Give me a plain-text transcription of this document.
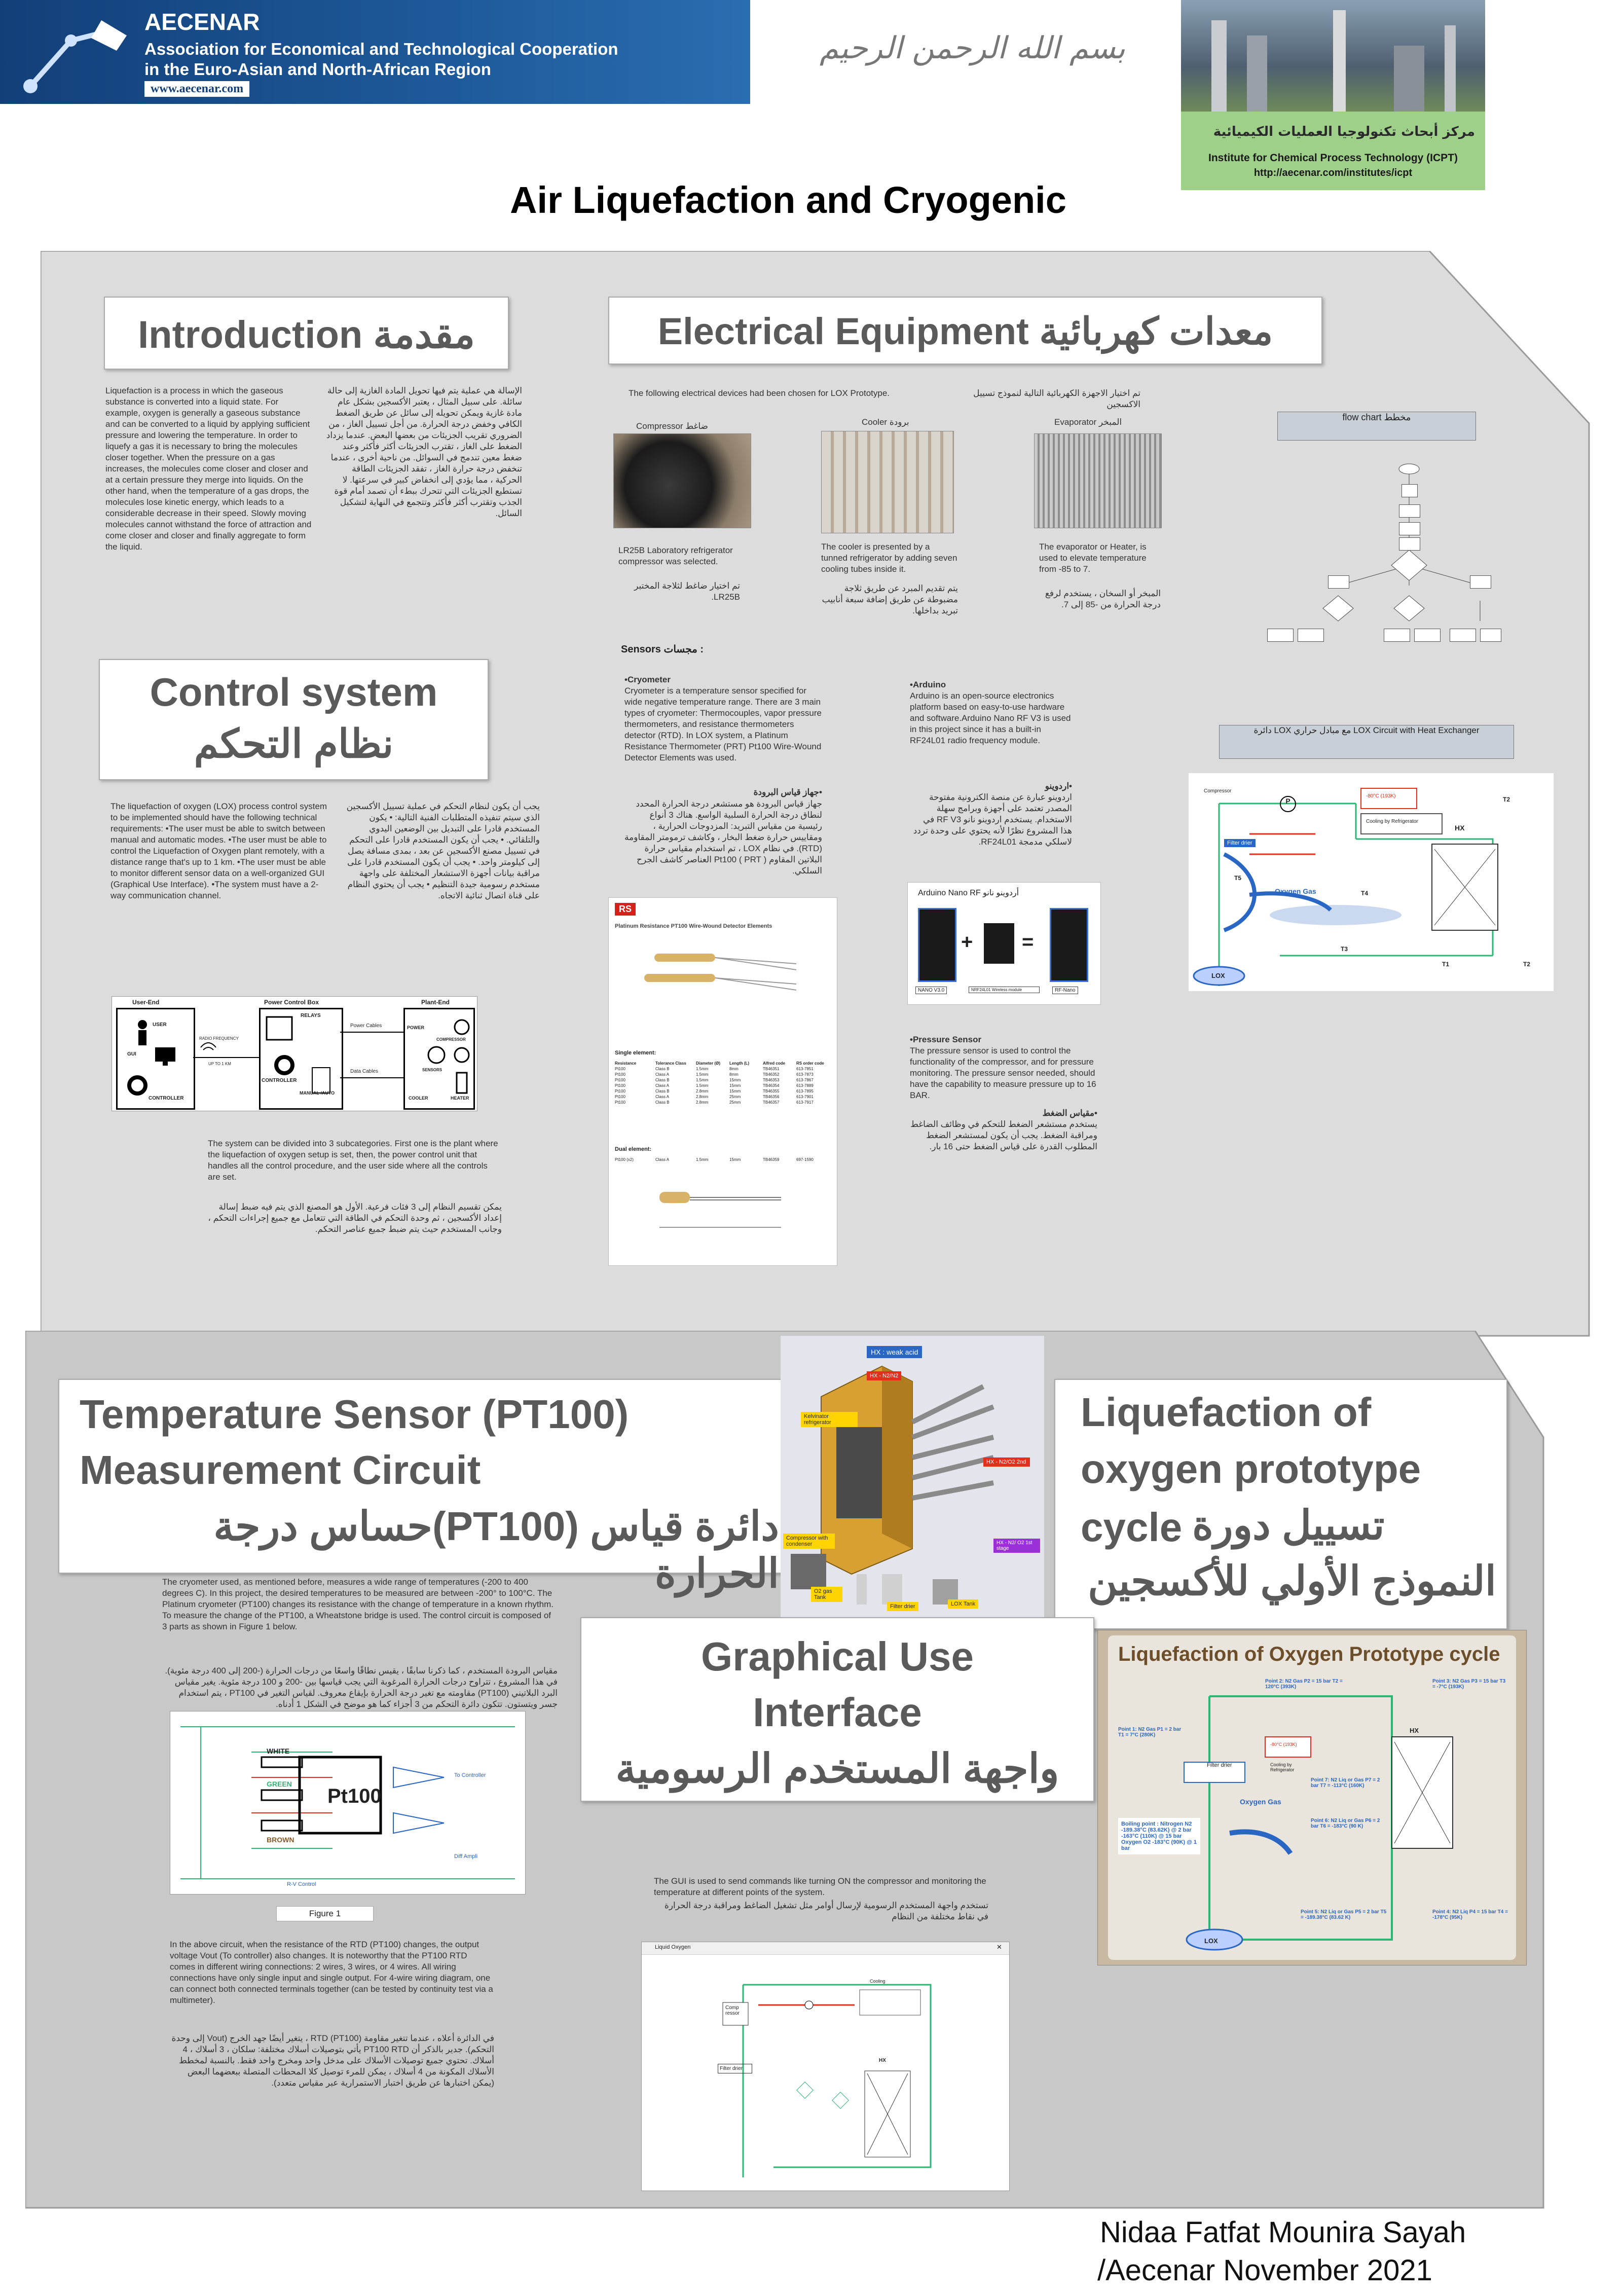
AECENAR
Association for Economical and Technological Cooperation
in the Euro-Asian and North-African Region
www.aecenar.com
بسم الله الرحمن الرحيم
مركز أبحاث تكنولوجيا العمليات الكيميائية
Institute for Chemical Process Technology (ICPT)
http://aecenar.com/institutes/icpt
Air Liquefaction and Cryogenic
Introduction مقدمة
Liquefaction is a process in which the gaseous substance is converted into a liquid state. For example, oxygen is generally a gaseous substance and can be converted to a liquid by applying sufficient pressure and lowering the temperature. In order to liquefy a gas it is necessary to bring the molecules closer together. When the pressure on a gas increases, the molecules come closer and closer and at a certain pressure they merge into liquids. On the other hand, when the temperature of a gas drops, the molecules lose kinetic energy, which leads to a considerable decrease in their speed. Slowly moving molecules cannot withstand the force of attraction and come closer and closer and finally aggregate to form the liquid.
الإسالة هي عملية يتم فيها تحويل المادة الغازية إلى حالة سائلة. على سبيل المثال ، يعتبر الأكسجين بشكل عام مادة غازية ويمكن تحويله إلى سائل عن طريق الضغط الكافي وخفض درجة الحرارة. من أجل تسييل الغاز ، من الضروري تقريب الجزيئات من بعضها البعض. عندما يزداد الضغط على الغاز ، تقترب الجزيئات أكثر فأكثر وعند ضغط معين تندمج في السوائل. من ناحية أخرى ، عندما تنخفض درجة حرارة الغاز ، تفقد الجزيئات الطاقة الحركية ، مما يؤدي إلى انخفاض كبير في سرعتها. لا تستطيع الجزيئات التي تتحرك ببطء أن تصمد أمام قوة الجذب وتقترب أكثر فأكثر وتتجمع في النهاية لتشكيل السائل.
Control system
نظام التحكم
The liquefaction of oxygen (LOX) process control system to be implemented should have the following technical requirements: •The user must be able to switch between manual and automatic modes. •The user must be able to control the Liquefaction of Oxygen plant remotely, with a distance range that's up to 1 km. •The user must be able to monitor different sensor data on a well-organized GUI (Graphical Use Interface). •The system must have a 2-way communication channel.
يجب أن يكون لنظام التحكم في عملية تسييل الأكسجين الذي سيتم تنفيذه المتطلبات الفنية التالية: • يكون المستخدم قادرا على التبديل بين الوضعين اليدوي والتلقائي. • يجب أن يكون المستخدم قادرا على التحكم في تسييل مصنع الأكسجين عن بعد ، بمدى مسافة يصل إلى كيلومتر واحد. • يجب أن يكون المستخدم قادرا على مراقبة بيانات أجهزة الاستشعار المختلفة على واجهة مستخدم رسومية جيدة التنظيم • يجب أن يحتوي النظام على قناة اتصال ثنائية الاتجاه.
User-End	Power Control Box	Plant-End
USER
GUI
CONTROLLER
RADIO FREQUENCY
UP TO 1 KM
RELAYS
CONTROLLER
MANUAL /AUTO
Power Cables
Data Cables
POWER
COMPRESSOR
SENSORS
COOLER	HEATER
The system can be divided into 3 subcategories. First one is the plant where the liquefaction of oxygen setup is set, then, the power control unit that handles all the control procedure, and the user side where all the controls are set.
يمكن تقسيم النظام إلى 3 فئات فرعية. الأول هو المصنع الذي يتم فيه ضبط إسالة إعداد الأكسجين ، ثم وحدة التحكم في الطاقة التي تتعامل مع جميع إجراءات التحكم ، وجانب المستخدم حيث يتم ضبط جميع عناصر التحكم.
Electrical Equipment معدات كهربائية
The following electrical devices had been chosen for LOX Prototype.	تم اختيار الاجهزة الكهربائية التالية لنموذج تسييل الاكسجين
Compressor ضاغط	Cooler برودة	Evaporator المبخر
LR25B Laboratory refrigerator compressor was selected.
تم اختيار ضاغط لثلاجة المختبر LR25B.
The cooler is presented by a tunned refrigerator by adding seven cooling tubes inside it.
يتم تقديم المبرد عن طريق ثلاجة مضبوطة عن طريق إضافة سبعة أنابيب تبريد بداخلها.
The evaporator or Heater, is used to elevate temperature from -85 to 7.
المبخر أو السخان ، يستخدم لرفع درجة الحرارة من -85 إلى 7.
flow chart مخطط
Sensors مجسات :
•Cryometer
Cryometer is a temperature sensor specified for wide negative temperature range. There are 3 main types of cryometer: Thermocouples, vapor pressure thermometers, and resistance thermometers detector (RTD). In LOX system, a Platinum Resistance Thermometer (PRT) Pt100 Wire-Wound Detector Elements was used.
•جهاز قياس البرودة
جهاز قياس البرودة هو مستشعر درجة الحرارة المحدد لنطاق درجة الحرارة السلبية الواسع. هناك 3 أنواع رئيسية من مقياس التبريد: المزدوجات الحرارية ، ومقاييس حرارة ضغط البخار ، وكاشف ترمومتر المقاومة (RTD). في نظام LOX ، تم استخدام مقياس حرارة البلاتين المقاوم ( PRT ) Pt100 العناصر كاشف الجرح السلكي.
RS
Platinum Resistance PT100 Wire-Wound Detector Elements
Single element:
Resistance	Tolerance Class	Diameter (Ø)	Length (L)	Alfred code	RS order code
Pt100	Class B	1.5mm	8mm	TB46351	613-7851
Pt100	Class A	1.5mm	8mm	TB46352	613-7873
Pt100	Class B	1.5mm	15mm	TB46353	613-7867
Pt100	Class A	1.5mm	15mm	TB46354	613-7889
Pt100	Class B	2.8mm	15mm	TB46355	613-7895
Pt100	Class A	2.8mm	25mm	TB46356	613-7901
Pt100	Class B	2.8mm	25mm	TB46357	613-7917
Dual element:
Pt100 (x2)	Class A	1.5mm	15mm	TB46359	697-1590
•Arduino
Arduino is an open-source electronics platform based on easy-to-use hardware and software.Arduino Nano RF V3 is used in this project since it has a built-in RF24L01 radio frequency module.
•اردوينو
اردوينو عبارة عن منصة الكترونية مفتوحة المصدر تعتمد على أجهزة وبرامج سهلة الاستخدام. يستخدم اردوينو نانو RF V3 في هذا المشروع نظرًا لأنه يحتوي على وحدة تردد لاسلكي مدمجة RF24L01.
Arduino Nano RF أردوينو نانو
+ =
NANO V3.0	NRF24L01 Wireless module	RF-Nano
•Pressure Sensor
The pressure sensor is used to control the functionality of the compressor, and for pressure monitoring. The pressure sensor needed, should have the capability to measure pressure up to 16 BAR.
•مقياس الضغط
يستخدم مستشعر الضغط للتحكم في وظائف الضاغط ومراقبة الضغط. يجب أن يكون لمستشعر الضغط المطلوب القدرة على قياس الضغط حتى 16 بار.
دائرة LOX مع مبادل حراري LOX Circuit with Heat Exchanger
Compressor
P
-80°C (193K)
Cooling by Refrigerator
T2
Filter drier
T5
Oxygen Gas
HX
T4
T3
LOX
T1	T2
Temperature Sensor (PT100)
Measurement Circuit
دائرة قياس (PT100)حساس درجة الحرارة
The cryometer used, as mentioned before, measures a wide range of temperatures (-200 to 400 degrees C). In this project, the desired temperatures to be measured are between -200° to 100°C. The Platinum cryometer (PT100) changes its resistance with the change of temperature in a known rhythm. To measure the change of the PT100, a Wheatstone bridge is used. The control circuit is composed of 3 parts as shown in Figure 1 below.
مقياس البرودة المستخدم ، كما ذكرنا سابقًا ، يقيس نطاقًا واسعًا من درجات الحرارة (-200 إلى 400 درجة مئوية). في هذا المشروع ، تتراوح درجات الحرارة المرغوبة التي يجب قياسها بين -200 و 100 درجة مئوية. يغير مقياس البرد البلاتيني (PT100) مقاومته مع تغير درجة الحرارة بإيقاع معروف. لقياس التغير في PT100 ، يتم استخدام جسر ويتستون. تتكون دائرة التحكم من 3 أجزاء كما هو موضح في الشكل 1 أدناه.
WHITE
GREEN
BROWN
Pt100
To Controller
Diff Ampli
R-V Control
Figure 1
In the above circuit, when the resistance of the RTD (PT100) changes, the output voltage Vout (To controller) also changes. It is noteworthy that the PT100 RTD comes in different wiring connections: 2 wires, 3 wires, or 4 wires. All wiring connections have only single input and single output. For 4-wire wiring diagram, one can connect both connected terminals together (can be tested by continuity test via a multimeter).
في الدائرة أعلاه ، عندما تتغير مقاومة RTD (PT100) ، يتغير أيضًا جهد الخرج (Vout إلى وحدة التحكم). جدير بالذكر أن PT100 RTD يأتي بتوصيلات أسلاك مختلفة: سلكان ، 3 أسلاك ، 4 أسلاك. تحتوي جميع توصيلات الأسلاك على مدخل واحد ومخرج واحد فقط. بالنسبة لمخطط الأسلاك المكونة من 4 أسلاك ، يمكن للمرء توصيل كلا المحطات المتصلة ببعضهما البعض (يمكن اختبارها عن طريق اختبار الاستمرارية عبر مقياس متعدد).
HX : weak acid
HX - N2/N2
Kelvinator refrigerator
HX - N2/O2 2nd
HX - N2/ O2 1st stage
Compressor with condenser
O2 gas Tank
Filter drier	LOX Tank
Liquefaction of
oxygen prototype
cycle تسييل دورة
النموذج الأولي للأكسجين
Liquefaction of Oxygen Prototype cycle
Point 2: N2 Gas P2 = 15 bar T2 = 120°C (393K)
Point 3: N2 Gas P3 = 15 bar T3 = -7°C (193K)
Point 1: N2 Gas P1 = 2 bar T1 = 7°C (280K)
Point 7: N2 Liq or Gas P7 = 2 bar T7 = -113°C (160K)
Point 6: N2 Liq or Gas P6 = 2 bar T6 = -183°C (90 K)
Point 5: N2 Liq or Gas P5 = 2 bar T5 = -189.38°C (83.62 K)
Point 4: N2 Liq P4 = 15 bar T4 = -178°C (95K)
Boiling point : Nitrogen N2 -189.38°C (83.62K) @ 2 bar -163°C (110K) @ 15 bar Oxygen O2 -183°C (90K) @ 1 bar
Filter drier
Oxygen Gas
HX
LOX
Cooling by Refrigerator
-80°C (193K)
Graphical Use
Interface
واجهة المستخدم الرسومية
The GUI is used to send commands like turning ON the compressor and monitoring the temperature at different points of the system.
تستخدم واجهة المستخدم الرسومية لإرسال أوامر مثل تشغيل الضاغط ومراقبة درجة الحرارة في نقاط مختلفة من النظام
Liquid Oxygen	✕
Comp ressor
Cooling
Filter drier
HX
Nidaa Fatfat Mounira Sayah
/Aecenar November 2021
